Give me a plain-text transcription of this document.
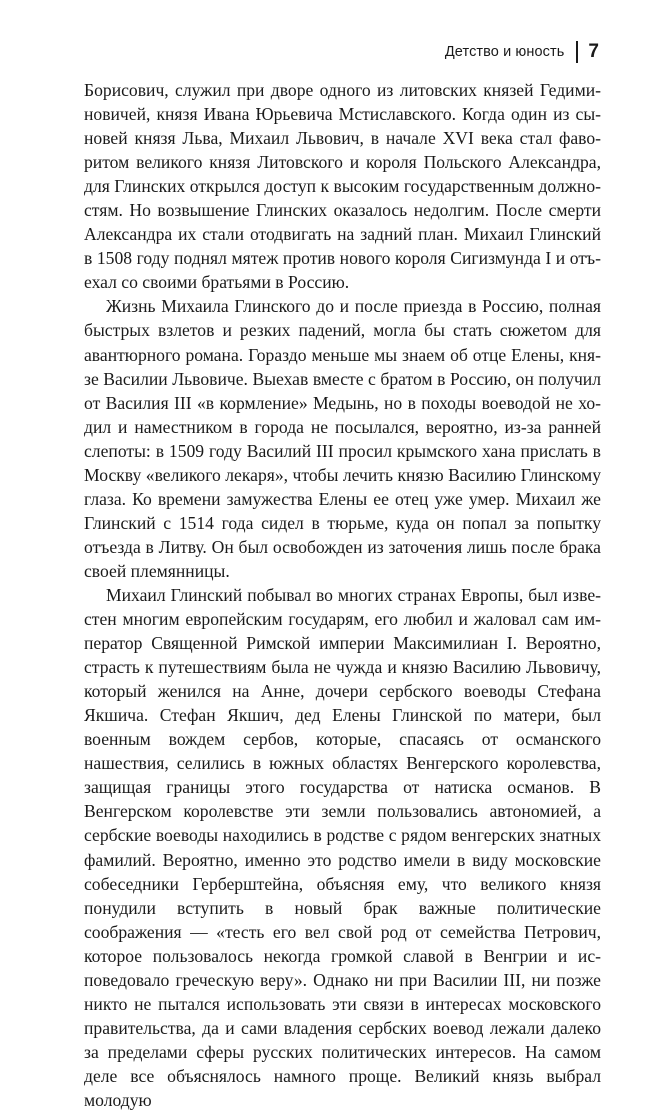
Детство и юность 7

Борисович, служил при дворе одного из литовских князей Гедиминовичей, князя Ивана Юрьевича Мстиславского. Когда один из сыновей князя Льва, Михаил Львович, в начале XVI века стал фаворитом великого князя Литовского и короля Польского Александра, для Глинских открылся доступ к высоким государственным должностям. Но возвышение Глинских оказалось недолгим. После смерти Александра их стали отодвигать на задний план. Михаил Глинский в 1508 году поднял мятеж против нового короля Сигизмунда I и отъехал со своими братьями в Россию.

Жизнь Михаила Глинского до и после приезда в Россию, полная быстрых взлетов и резких падений, могла бы стать сюжетом для авантюрного романа. Гораздо меньше мы знаем об отце Елены, князе Василии Львовиче. Выехав вместе с братом в Россию, он получил от Василия III «в кормление» Медынь, но в походы воеводой не ходил и наместником в города не посылался, вероятно, из-за ранней слепоты: в 1509 году Василий III просил крымского хана прислать в Москву «великого лекаря», чтобы лечить князю Василию Глинскому глаза. Ко времени замужества Елены ее отец уже умер. Михаил же Глинский с 1514 года сидел в тюрьме, куда он попал за попытку отъезда в Литву. Он был освобожден из заточения лишь после брака своей племянницы.

Михаил Глинский побывал во многих странах Европы, был известен многим европейским государям, его любил и жаловал сам император Священной Римской империи Максимилиан I. Вероятно, страсть к путешествиям была не чужда и князю Василию Львовичу, который женился на Анне, дочери сербского воеводы Стефана Якшича. Стефан Якшич, дед Елены Глинской по матери, был военным вождем сербов, которые, спасаясь от османского нашествия, селились в южных областях Венгерского королевства, защищая границы этого государства от натиска османов. В Венгерском королевстве эти земли пользовались автономией, а сербские воеводы находились в родстве с рядом венгерских знатных фамилий. Вероятно, именно это родство имели в виду московские собеседники Герберштейна, объясняя ему, что великого князя понудили вступить в новый брак важные политические соображения — «тесть его вел свой род от семейства Петрович, которое пользовалось некогда громкой славой в Венгрии и исповедовало греческую веру». Однако ни при Василии III, ни позже никто не пытался использовать эти связи в интересах московского правительства, да и сами владения сербских воевод лежали далеко за пределами сферы русских политических интересов. На самом деле все объяснялось намного проще. Великий князь выбрал молодую
